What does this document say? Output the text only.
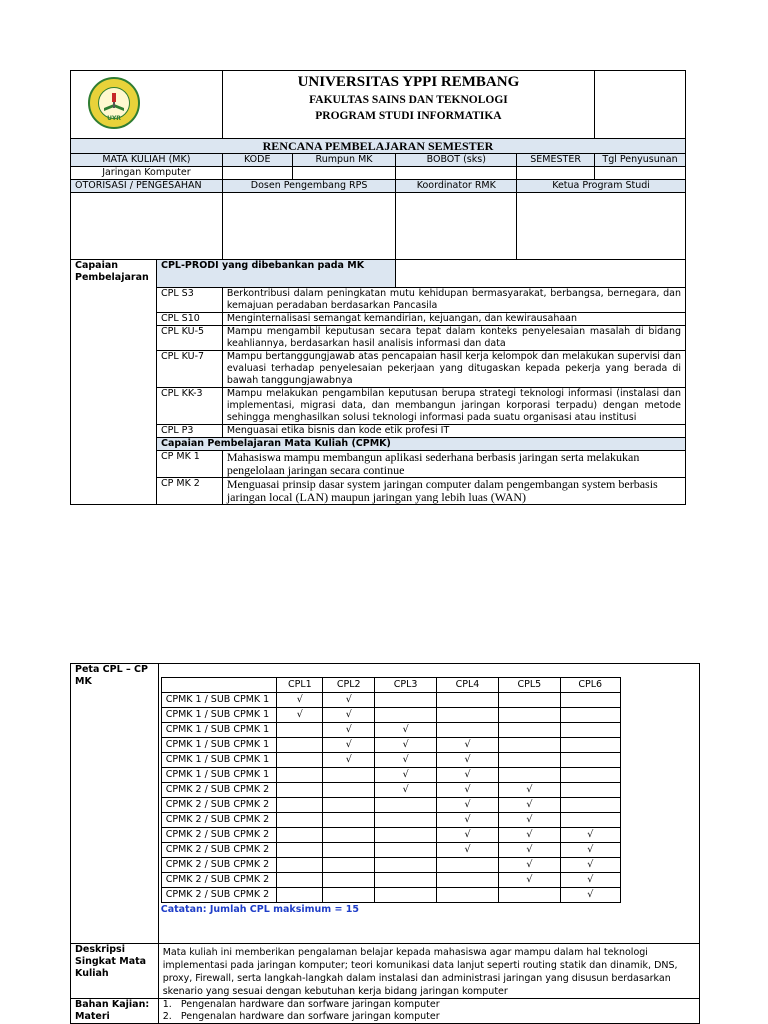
UYR		UNIVERSITAS YPPI REMBANG
FAKULTAS SAINS DAN TEKNOLOGI
PROGRAM STUDI INFORMATIKA				

RENCANA PEMBELAJARAN SEMESTER						
MATA KULIAH (MK)		KODE	Rumpun MK	BOBOT (sks)	SEMESTER	Tgl Penyusunan
Jaringan Komputer						
OTORISASI / PENGESAHAN		Dosen Pengembang RPS		Koordinator RMK	Ketua Program Studi	

Capaian Pembelajaran	CPL-PRODI yang dibebankan pada MK					
	CPL S3	Berkontribusi dalam peningkatan mutu kehidupan bermasyarakat, berbangsa, bernegara, dan kemajuan peradaban berdasarkan Pancasila				
	CPL S10	Menginternalisasi semangat kemandirian, kejuangan, dan kewirausahaan				
	CPL KU-5	Mampu mengambil keputusan secara tepat dalam konteks penyelesaian masalah di bidang keahliannya, berdasarkan hasil analisis informasi dan data				
	CPL KU-7	Mampu bertanggungjawab atas pencapaian hasil kerja kelompok dan melakukan supervisi dan evaluasi terhadap penyelesaian pekerjaan yang ditugaskan kepada pekerja yang berada di bawah tanggungjawabnya				
	CPL KK-3	Mampu melakukan pengambilan keputusan berupa strategi teknologi informasi (instalasi dan implementasi, migrasi data, dan membangun jaringan korporasi terpadu) dengan metode sehingga menghasilkan solusi teknologi informasi pada suatu organisasi atau institusi				
	CPL P3	Menguasai etika bisnis dan kode etik profesi IT				
	Capaian Pembelajaran Mata Kuliah (CPMK)					
	CP MK 1	Mahasiswa mampu membangun aplikasi sederhana berbasis jaringan serta melakukan pengelolaan jaringan secara continue				
	CP MK 2	Menguasai prinsip dasar system jaringan computer dalam pengembangan system berbasis jaringan local (LAN) maupun jaringan yang lebih luas (WAN)				
Peta CPL – CP MK	
		CPL1	CPL2	CPL3	CPL4	CPL5	CPL6
CPMK 1 / SUB CPMK 1	√	√				
CPMK 1 / SUB CPMK 1	√	√				
CPMK 1 / SUB CPMK 1		√	√			
CPMK 1 / SUB CPMK 1		√	√	√		
CPMK 1 / SUB CPMK 1		√	√	√		
CPMK 1 / SUB CPMK 1			√	√		
CPMK 2 / SUB CPMK 2			√	√	√	
CPMK 2 / SUB CPMK 2				√	√	
CPMK 2 / SUB CPMK 2				√	√	
CPMK 2 / SUB CPMK 2				√	√	√
CPMK 2 / SUB CPMK 2				√	√	√
CPMK 2 / SUB CPMK 2					√	√
CPMK 2 / SUB CPMK 2					√	√
CPMK 2 / SUB CPMK 2						√
Catatan: Jumlah CPL maksimum = 15

Deskripsi Singkat Mata Kuliah	Mata kuliah ini memberikan pengalaman belajar kepada mahasiswa agar mampu dalam hal teknologi implementasi pada jaringan komputer; teori komunikasi data lanjut seperti routing statik dan dinamik, DNS, proxy, Firewall, serta langkah-langkah dalam instalasi dan administrasi jaringan yang disusun berdasarkan skenario yang sesuai dengan kebutuhan kerja bidang jaringan komputer
Bahan Kajian: Materi	
1.   Pengenalan hardware dan sorfware jaringan komputer
2.   Pengenalan hardware dan sorfware jaringan komputer
